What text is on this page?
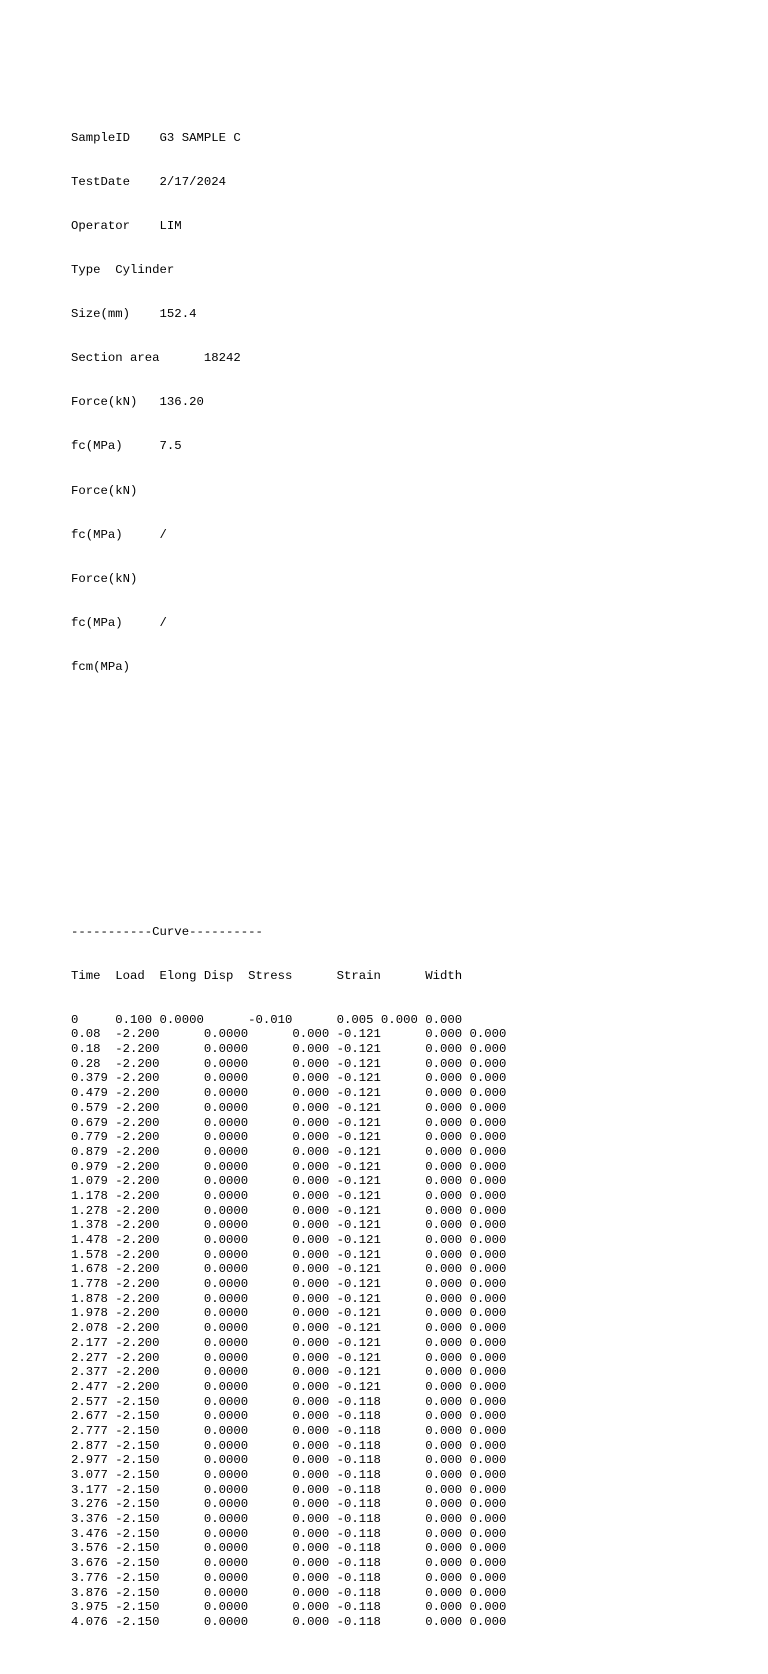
SampleID    G3 SAMPLE C

TestDate    2/17/2024

Operator    LIM

Type  Cylinder

Size(mm)    152.4

Section area      18242

Force(kN)   136.20

fc(MPa)     7.5

Force(kN)

fc(MPa)     /

Force(kN)

fc(MPa)     /

fcm(MPa)

-----------Curve----------

Time  Load  Elong Disp  Stress      Strain      Width

0     0.100 0.0000      -0.010      0.005 0.000 0.000
0.08  -2.200      0.0000      0.000 -0.121      0.000 0.000
0.18  -2.200      0.0000      0.000 -0.121      0.000 0.000
0.28  -2.200      0.0000      0.000 -0.121      0.000 0.000
0.379 -2.200      0.0000      0.000 -0.121      0.000 0.000
0.479 -2.200      0.0000      0.000 -0.121      0.000 0.000
0.579 -2.200      0.0000      0.000 -0.121      0.000 0.000
0.679 -2.200      0.0000      0.000 -0.121      0.000 0.000
0.779 -2.200      0.0000      0.000 -0.121      0.000 0.000
0.879 -2.200      0.0000      0.000 -0.121      0.000 0.000
0.979 -2.200      0.0000      0.000 -0.121      0.000 0.000
1.079 -2.200      0.0000      0.000 -0.121      0.000 0.000
1.178 -2.200      0.0000      0.000 -0.121      0.000 0.000
1.278 -2.200      0.0000      0.000 -0.121      0.000 0.000
1.378 -2.200      0.0000      0.000 -0.121      0.000 0.000
1.478 -2.200      0.0000      0.000 -0.121      0.000 0.000
1.578 -2.200      0.0000      0.000 -0.121      0.000 0.000
1.678 -2.200      0.0000      0.000 -0.121      0.000 0.000
1.778 -2.200      0.0000      0.000 -0.121      0.000 0.000
1.878 -2.200      0.0000      0.000 -0.121      0.000 0.000
1.978 -2.200      0.0000      0.000 -0.121      0.000 0.000
2.078 -2.200      0.0000      0.000 -0.121      0.000 0.000
2.177 -2.200      0.0000      0.000 -0.121      0.000 0.000
2.277 -2.200      0.0000      0.000 -0.121      0.000 0.000
2.377 -2.200      0.0000      0.000 -0.121      0.000 0.000
2.477 -2.200      0.0000      0.000 -0.121      0.000 0.000
2.577 -2.150      0.0000      0.000 -0.118      0.000 0.000
2.677 -2.150      0.0000      0.000 -0.118      0.000 0.000
2.777 -2.150      0.0000      0.000 -0.118      0.000 0.000
2.877 -2.150      0.0000      0.000 -0.118      0.000 0.000
2.977 -2.150      0.0000      0.000 -0.118      0.000 0.000
3.077 -2.150      0.0000      0.000 -0.118      0.000 0.000
3.177 -2.150      0.0000      0.000 -0.118      0.000 0.000
3.276 -2.150      0.0000      0.000 -0.118      0.000 0.000
3.376 -2.150      0.0000      0.000 -0.118      0.000 0.000
3.476 -2.150      0.0000      0.000 -0.118      0.000 0.000
3.576 -2.150      0.0000      0.000 -0.118      0.000 0.000
3.676 -2.150      0.0000      0.000 -0.118      0.000 0.000
3.776 -2.150      0.0000      0.000 -0.118      0.000 0.000
3.876 -2.150      0.0000      0.000 -0.118      0.000 0.000
3.975 -2.150      0.0000      0.000 -0.118      0.000 0.000
4.076 -2.150      0.0000      0.000 -0.118      0.000 0.000
